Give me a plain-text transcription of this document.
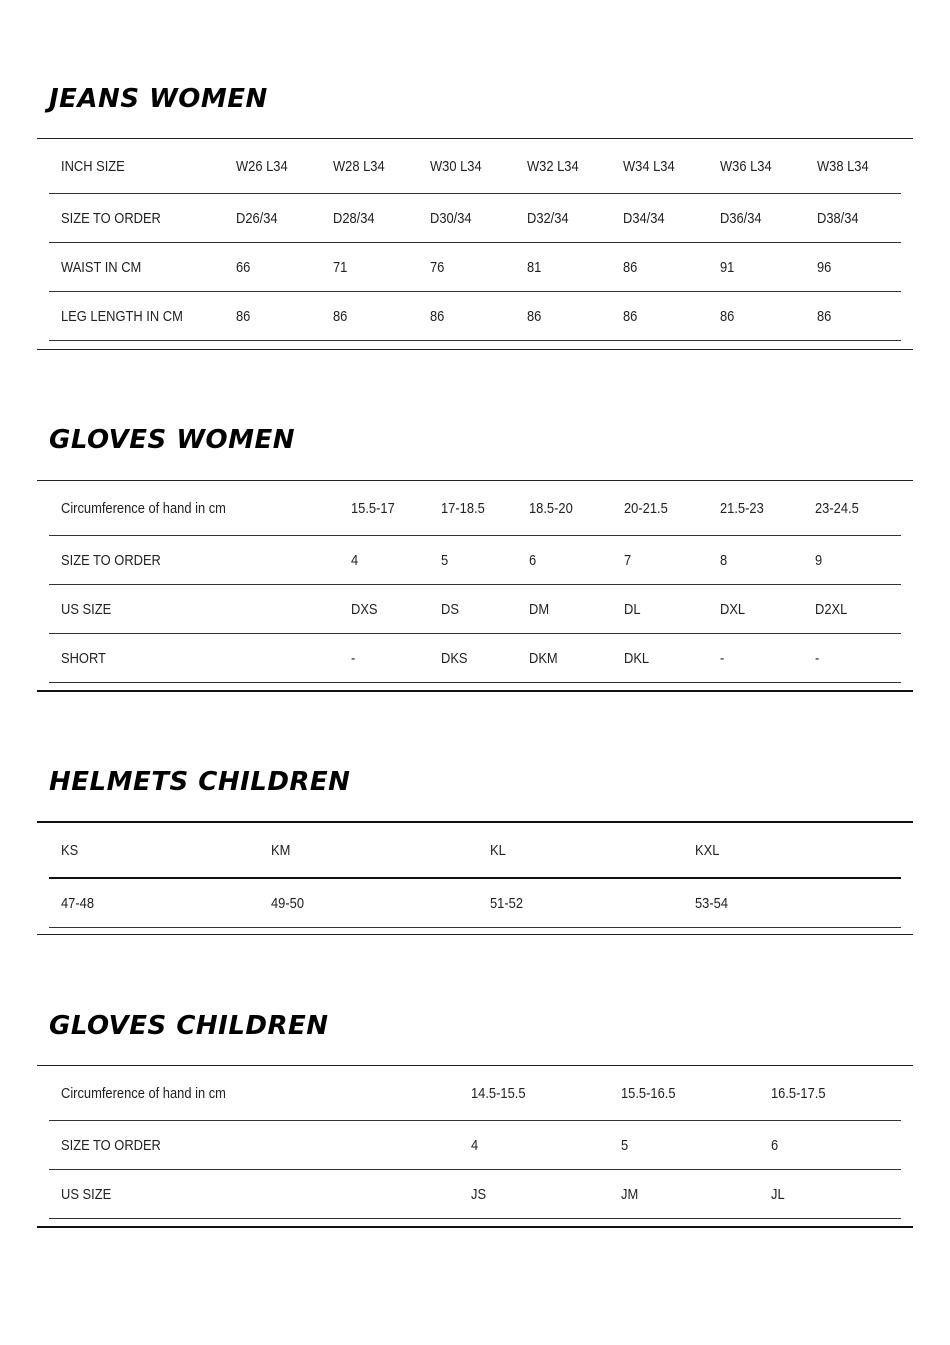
JEANS WOMEN
INCH SIZE	W26 L34	W28 L34	W30 L34	W32 L34	W34 L34	W36 L34	W38 L34
SIZE TO ORDER	D26/34	D28/34	D30/34	D32/34	D34/34	D36/34	D38/34
WAIST IN CM	66	71	76	81	86	91	96
LEG LENGTH IN CM	86	86	86	86	86	86	86
GLOVES WOMEN
Circumference of hand in cm	15.5-17	17-18.5	18.5-20	20-21.5	21.5-23	23-24.5
SIZE TO ORDER	4	5	6	7	8	9
US SIZE	DXS	DS	DM	DL	DXL	D2XL
SHORT	-	DKS	DKM	DKL	-	-
HELMETS CHILDREN
KS	KM	KL	KXL
47-48	49-50	51-52	53-54
GLOVES CHILDREN
Circumference of hand in cm	14.5-15.5	15.5-16.5	16.5-17.5
SIZE TO ORDER	4	5	6
US SIZE	JS	JM	JL
